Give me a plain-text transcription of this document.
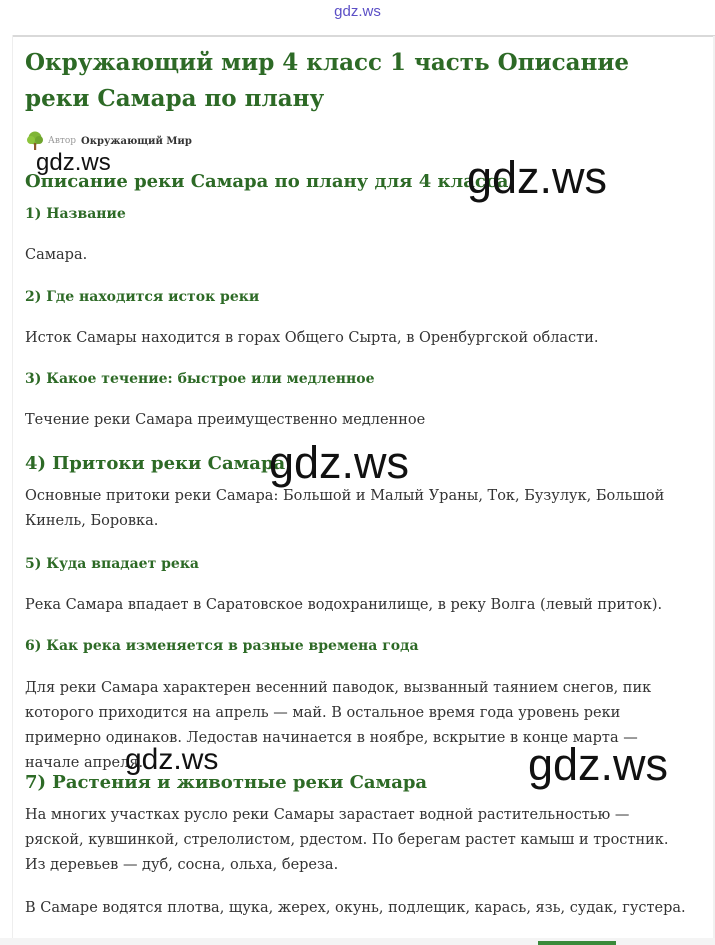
gdz.ws
Окружающий мир 4 класс 1 часть Описание реки Самара по плану
Автор Окружающий Мир
Описание реки Самара по плану для 4 класса
1) Название

Самара.

2) Где находится исток реки

Исток Самары находится в горах Общего Сырта, в Оренбургской области.

3) Какое течение: быстрое или медленное

Течение реки Самара преимущественно медленное

4) Притоки реки Самара

Основные притоки реки Самара: Большой и Малый Ураны, Ток, Бузулук, Большой Кинель, Боровка.

5) Куда впадает река

Река Самара впадает в Саратовское водохранилище, в реку Волга (левый приток).

6) Как река изменяется в разные времена года

Для реки Самара характерен весенний паводок, вызванный таянием снегов, пик которого приходится на апрель — май. В остальное время года уровень реки примерно одинаков. Ледостав начинается в ноябре, вскрытие в конце марта — начале апреля.

7) Растения и животные реки Самара

На многих участках русло реки Самары зарастает водной растительностью — ряской, кувшинкой, стрелолистом, рдестом. По берегам растет камыш и тростник. Из деревьев — дуб, сосна, ольха, береза.

В Самаре водятся плотва, щука, жерех, окунь, подлещик, карась, язь, судак, густера.

gdz.ws	gdz.ws
gdz.ws
gdz.ws	gdz.ws
